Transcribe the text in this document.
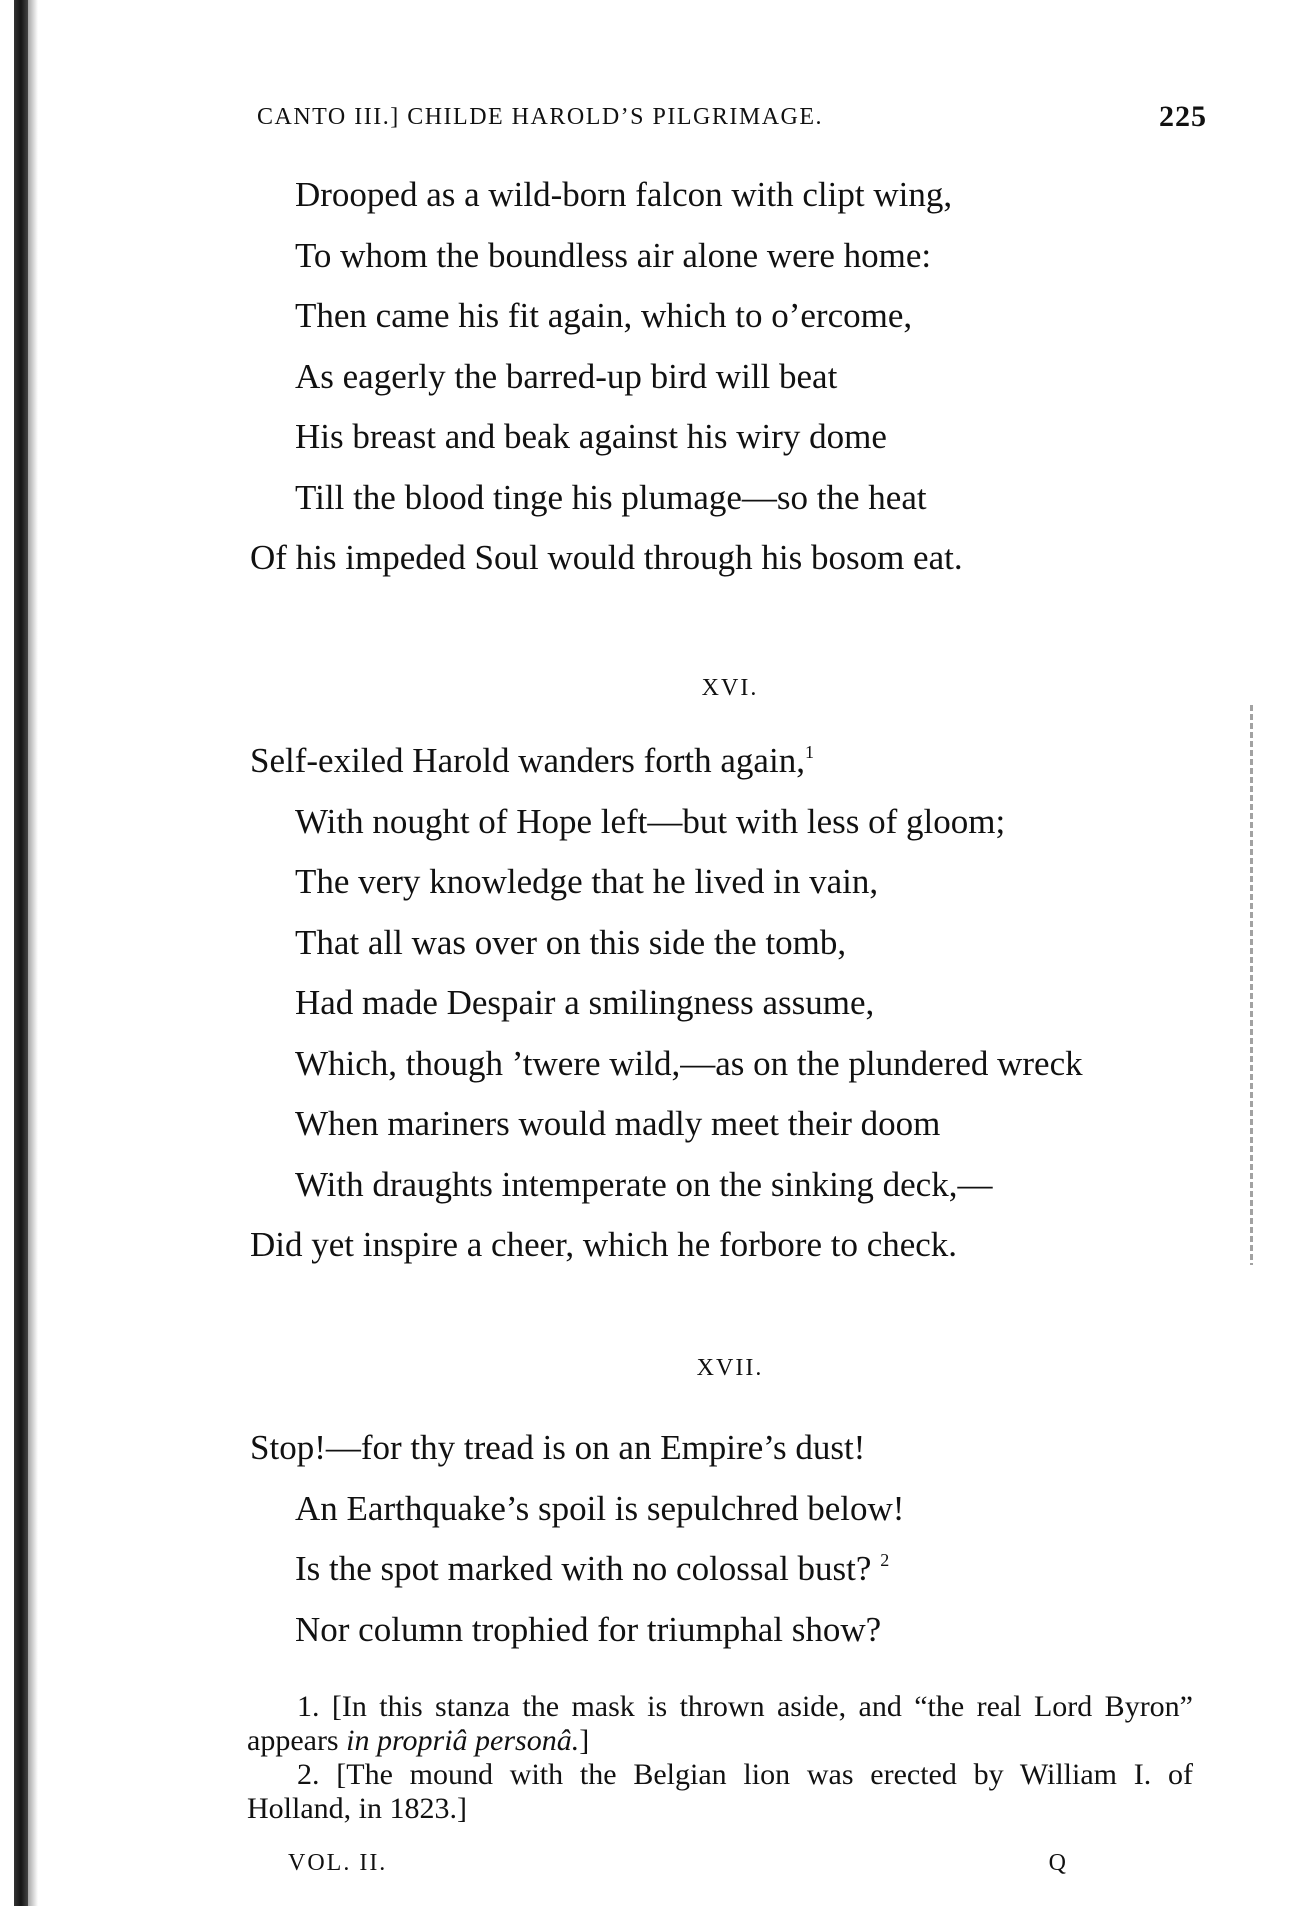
CANTO III.] CHILDE HAROLD’S PILGRIMAGE.	225
Drooped as a wild-born falcon with clipt wing,
To whom the boundless air alone were home:
Then came his fit again, which to o’ercome,
As eagerly the barred-up bird will beat
His breast and beak against his wiry dome
Till the blood tinge his plumage—so the heat
Of his impeded Soul would through his bosom eat.
XVI.
Self-exiled Harold wanders forth again,$^1$
With nought of Hope left—but with less of gloom;
The very knowledge that he lived in vain,
That all was over on this side the tomb,
Had made Despair a smilingness assume,
Which, though ’twere wild,—as on the plundered wreck
When mariners would madly meet their doom
With draughts intemperate on the sinking deck,—
Did yet inspire a cheer, which he forbore to check.
XVII.
Stop!—for thy tread is on an Empire’s dust!
An Earthquake’s spoil is sepulchred below!
Is the spot marked with no colossal bust? $^2$
Nor column trophied for triumphal show?
1. [In this stanza the mask is thrown aside, and “the real Lord Byron” appears in propriâ personâ.]
2. [The mound with the Belgian lion was erected by William I. of Holland, in 1823.]
VOL. II.	Q
